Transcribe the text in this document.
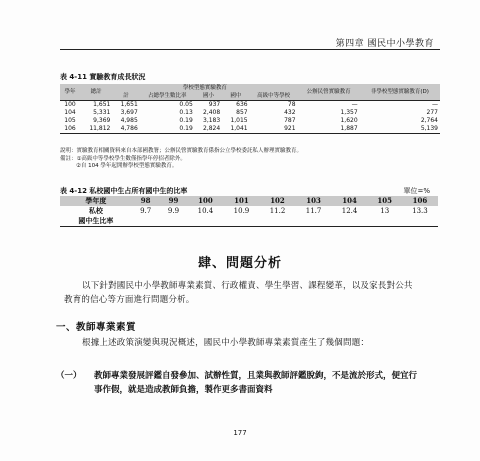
第四章 國民中小學教育
表 4-11 實驗教育成長狀況
學年	總計	學校型態實驗教育					公辦民營實驗教育	非學校型態實驗教育(D)
		計	占總學生數比率	國小	國中	高級中等學校		
100	1,651	1,651	0.05	937	636	78	—	—
104	5,331	3,697	0.13	2,408	857	432	1,357	277
105	9,369	4,985	0.19	3,183	1,015	787	1,620	2,764
106	11,812	4,786	0.19	2,824	1,041	921	1,887	5,139
說明：實驗教育相關資料來自本部國教署；公辦民營實驗教育係指公立學校委託私人辦理實驗教育。
備註：①高級中等學校學生數僅指學年停招者除外。
②自 104 學年起開辦學校型態實驗教育。
表 4-12 私校國中生占所有國中生的比率	單位=%
學年度	98	99	100	101	102	103	104	105	106
私校	9.7	9.9	10.4	10.9	11.2	11.7	12.4	13	13.3
國中生比率									
肆、問題分析
以下針對國民中小學教師專業素質、行政權責、學生學習、課程變革，以及家長對公共教育的信心等方面進行問題分析。
一、教師專業素質
根據上述政策演變與現況概述，國民中小學教師專業素質產生了幾個問題：
（一） 教師專業發展評鑑自發參加、試辦性質，且業與教師評鑑脫鉤，不是流於形式，便宜行事作假，就是造成教師負擔，製作更多書面資料
177
